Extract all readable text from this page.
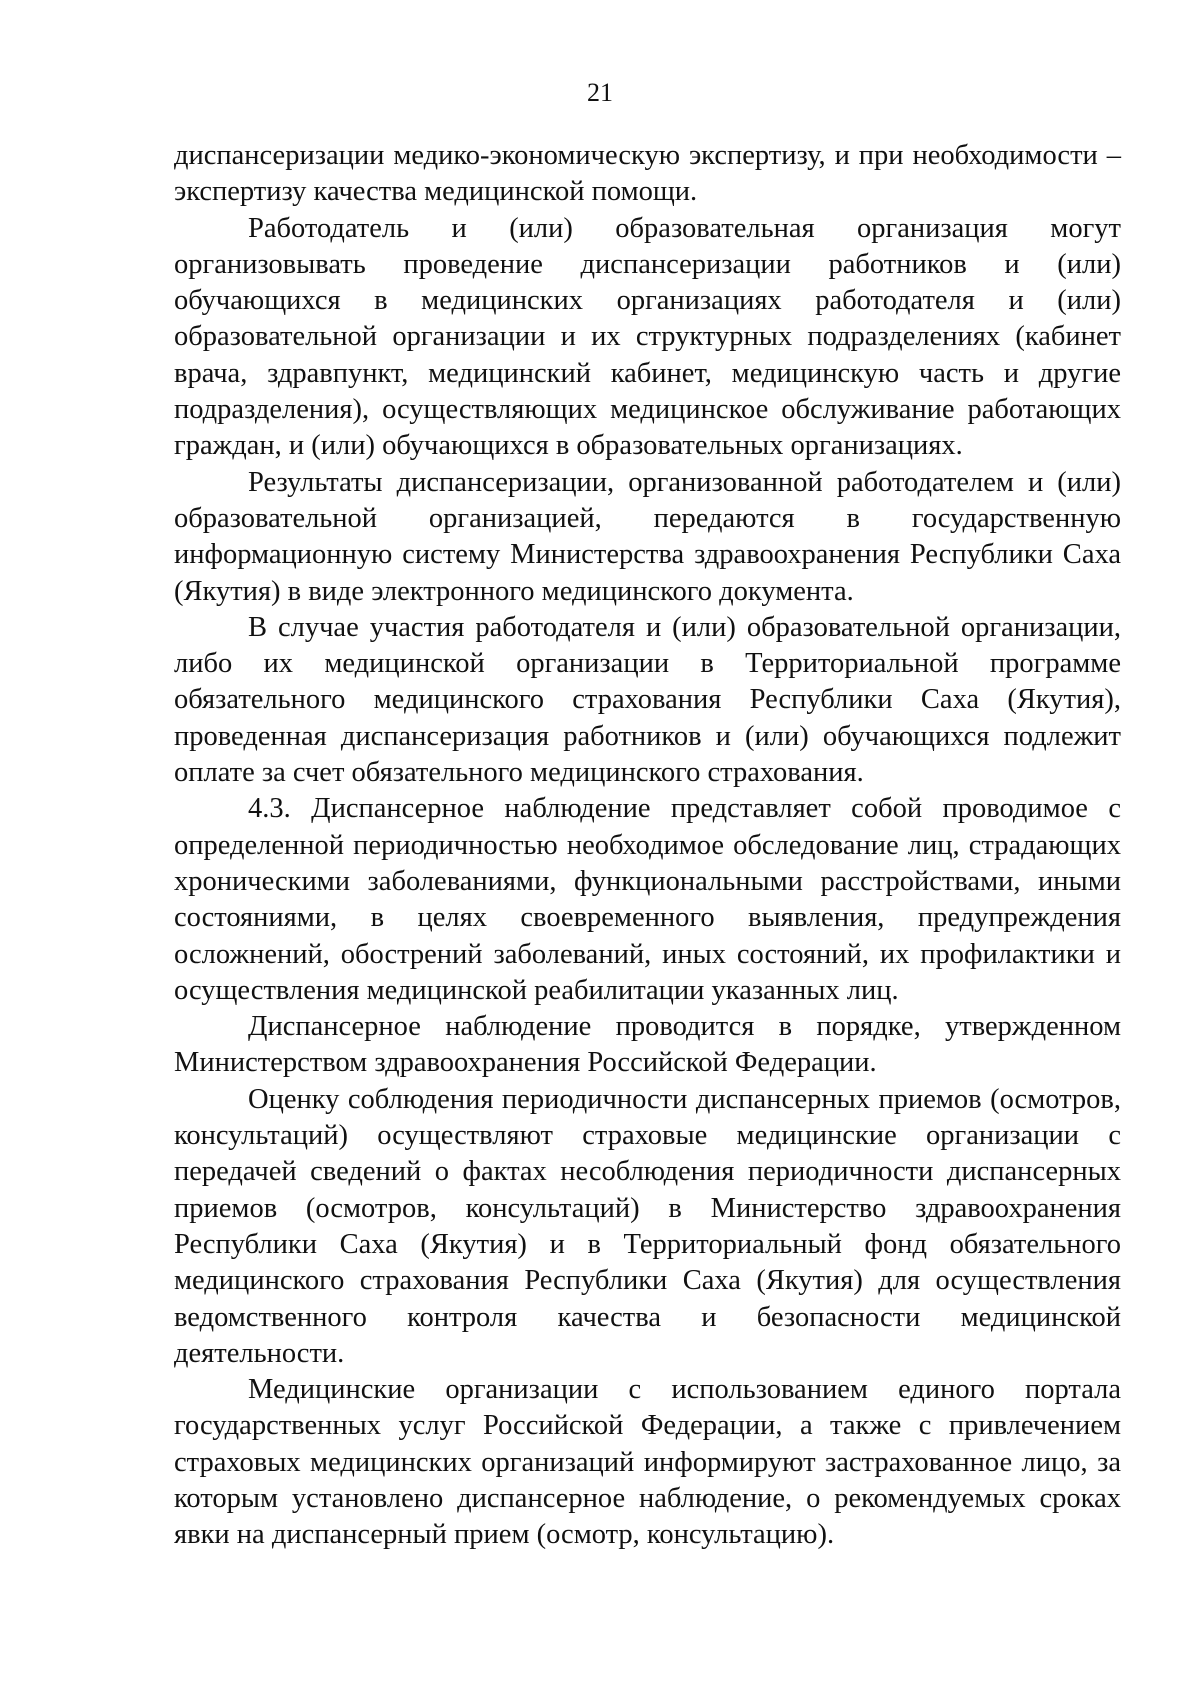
21

диспансеризации медико-экономическую экспертизу, и при необходимости – экспертизу качества медицинской помощи.

Работодатель и (или) образовательная организация могут организовывать проведение диспансеризации работников и (или) обучающихся в медицинских организациях работодателя и (или) образовательной организации и их структурных подразделениях (кабинет врача, здравпункт, медицинский кабинет, медицинскую часть и другие подразделения), осуществляющих медицинское обслуживание работающих граждан, и (или) обучающихся в образовательных организациях.

Результаты диспансеризации, организованной работодателем и (или) образовательной организацией, передаются в государственную информационную систему Министерства здравоохранения Республики Саха (Якутия) в виде электронного медицинского документа.

В случае участия работодателя и (или) образовательной организации, либо их медицинской организации в Территориальной программе обязательного медицинского страхования Республики Саха (Якутия), проведенная диспансеризация работников и (или) обучающихся подлежит оплате за счет обязательного медицинского страхования.

4.3. Диспансерное наблюдение представляет собой проводимое с определенной периодичностью необходимое обследование лиц, страдающих хроническими заболеваниями, функциональными расстройствами, иными состояниями, в целях своевременного выявления, предупреждения осложнений, обострений заболеваний, иных состояний, их профилактики и осуществления медицинской реабилитации указанных лиц.

Диспансерное наблюдение проводится в порядке, утвержденном Министерством здравоохранения Российской Федерации.

Оценку соблюдения периодичности диспансерных приемов (осмотров, консультаций) осуществляют страховые медицинские организации с передачей сведений о фактах несоблюдения периодичности диспансерных приемов (осмотров, консультаций) в Министерство здравоохранения Республики Саха (Якутия) и в Территориальный фонд обязательного медицинского страхования Республики Саха (Якутия) для осуществления ведомственного контроля качества и безопасности медицинской деятельности.

Медицинские организации с использованием единого портала государственных услуг Российской Федерации, а также с привлечением страховых медицинских организаций информируют застрахованное лицо, за которым установлено диспансерное наблюдение, о рекомендуемых сроках явки на диспансерный прием (осмотр, консультацию).
